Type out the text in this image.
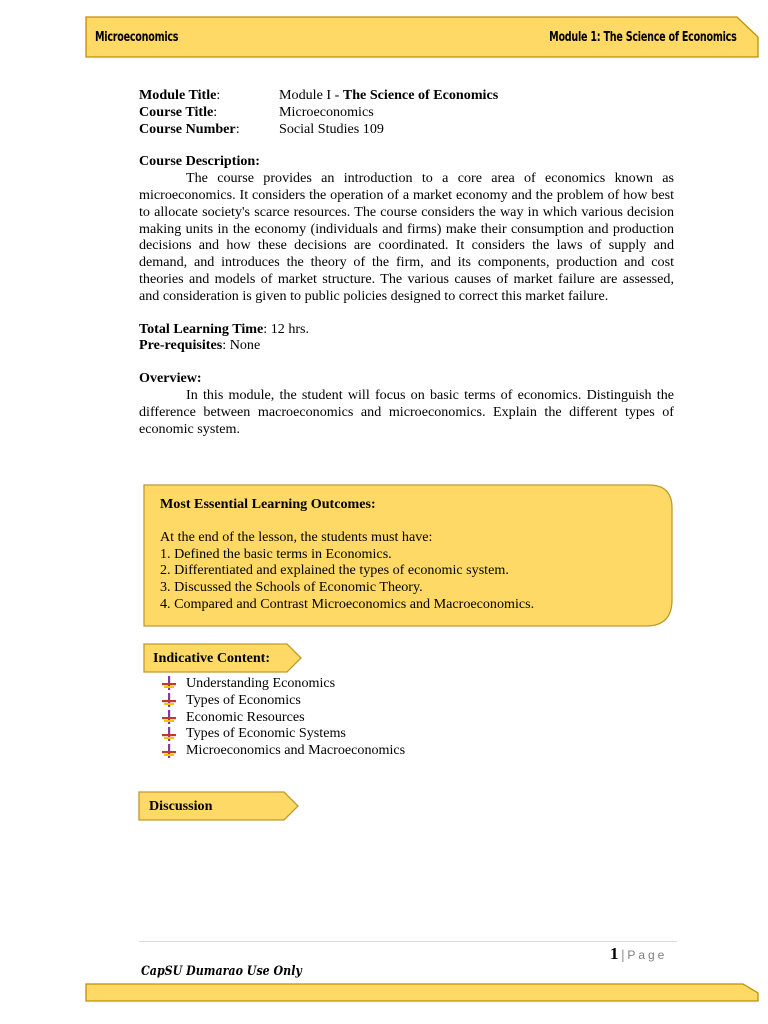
Microeconomics	Module 1: The Science of Economics
Module Title:	Module I - The Science of Economics
Course Title:	Microeconomics
Course Number:	Social Studies 109
Course Description:

The course provides an introduction to a core area of economics known as microeconomics. It considers the operation of a market economy and the problem of how best to allocate society's scarce resources. The course considers the way in which various decision making units in the economy (individuals and firms) make their consumption and production decisions and how these decisions are coordinated. It considers the laws of supply and demand, and introduces the theory of the firm, and its components, production and cost theories and models of market structure. The various causes of market failure are assessed, and consideration is given to public policies designed to correct this market failure.

Total Learning Time: 12 hrs.
Pre-requisites: None
Overview:

In this module, the student will focus on basic terms of economics. Distinguish the difference between macroeconomics and microeconomics. Explain the different types of economic system.

Most Essential Learning Outcomes:
At the end of the lesson, the students must have:
1. Defined the basic terms in Economics.
2. Differentiated and explained the types of economic system.
3. Discussed the Schools of Economic Theory.
4. Compared and Contrast Microeconomics and Macroeconomics.
Indicative Content:
Understanding Economics
Types of Economics
Economic Resources
Types of Economic Systems
Microeconomics and Macroeconomics
Discussion
1 | Page
CapSU Dumarao Use Only
